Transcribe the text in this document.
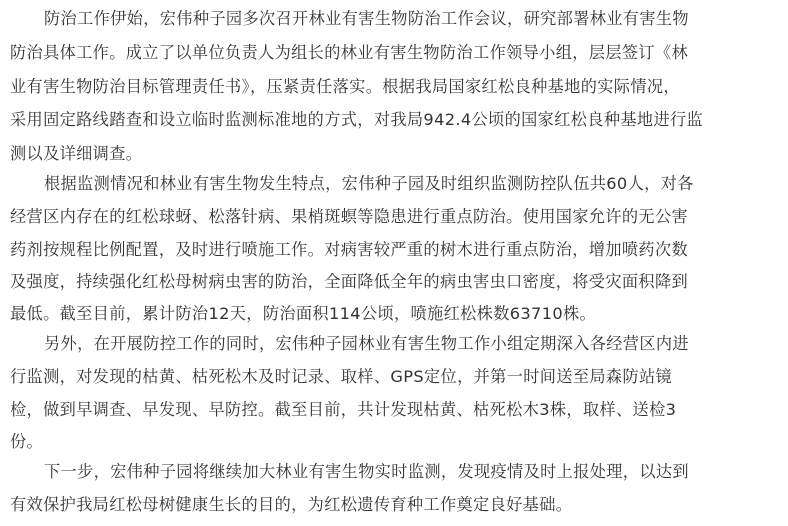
防治工作伊始，宏伟种子园多次召开林业有害生物防治工作会议，研究部署林业有害生物
防治具体工作。成立了以单位负责人为组长的林业有害生物防治工作领导小组，层层签订《林
业有害生物防治目标管理责任书》，压紧责任落实。根据我局国家红松良种基地的实际情况，
采用固定路线踏查和设立临时监测标准地的方式，对我局942.4公顷的国家红松良种基地进行监
测以及详细调查。
根据监测情况和林业有害生物发生特点，宏伟种子园及时组织监测防控队伍共60人，对各
经营区内存在的红松球蚜、松落针病、果梢斑螟等隐患进行重点防治。使用国家允许的无公害
药剂按规程比例配置，及时进行喷施工作。对病害较严重的树木进行重点防治，增加喷药次数
及强度，持续强化红松母树病虫害的防治，全面降低全年的病虫害虫口密度，将受灾面积降到
最低。截至目前，累计防治12天，防治面积114公顷，喷施红松株数63710株。
另外，在开展防控工作的同时，宏伟种子园林业有害生物工作小组定期深入各经营区内进
行监测，对发现的枯黄、枯死松木及时记录、取样、GPS定位，并第一时间送至局森防站镜
检，做到早调查、早发现、早防控。截至目前，共计发现枯黄、枯死松木3株，取样、送检3
份。
下一步，宏伟种子园将继续加大林业有害生物实时监测，发现疫情及时上报处理，以达到
有效保护我局红松母树健康生长的目的，为红松遗传育种工作奠定良好基础。
